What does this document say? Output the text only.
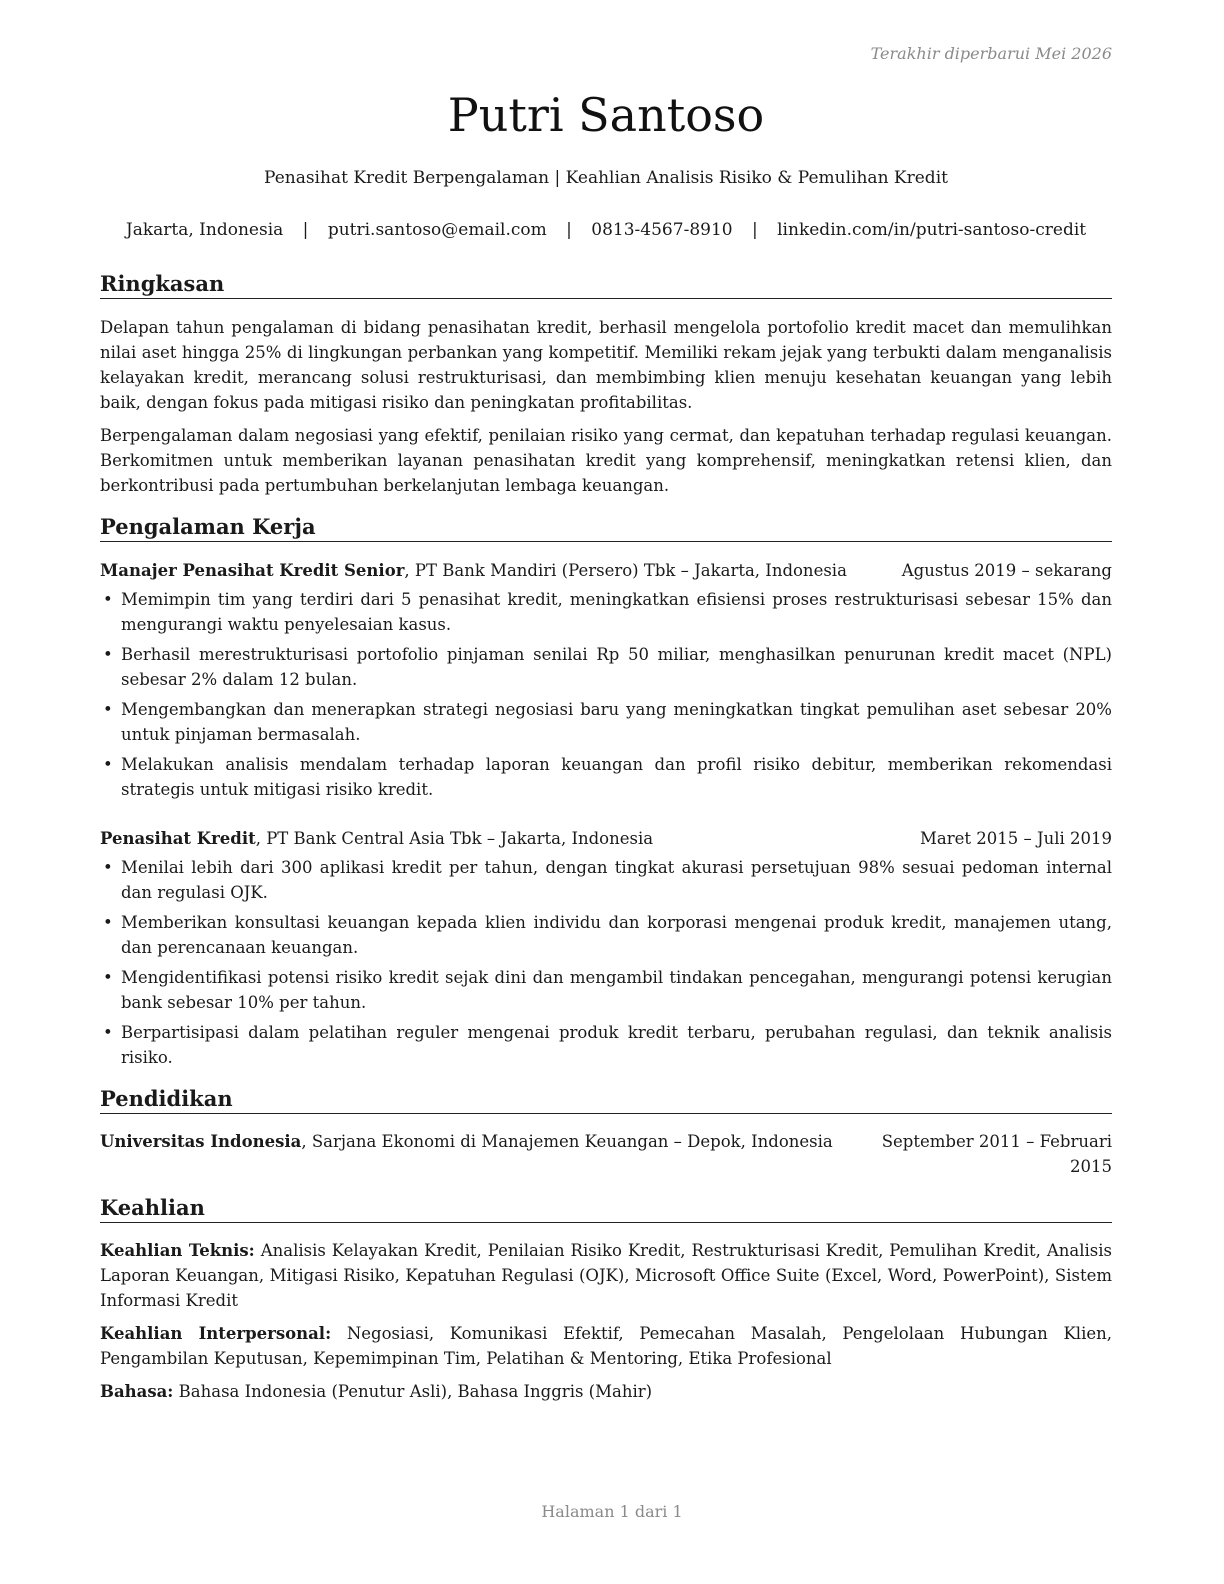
Terakhir diperbarui Mei 2026
Putri Santoso
Penasihat Kredit Berpengalaman | Keahlian Analisis Risiko & Pemulihan Kredit
Jakarta, Indonesia | putri.santoso@email.com | 0813-4567-8910 | linkedin.com/in/putri-santoso-credit
Ringkasan

Delapan tahun pengalaman di bidang penasihatan kredit, berhasil mengelola portofolio kredit macet dan memulihkan nilai aset hingga 25% di lingkungan perbankan yang kompetitif. Memiliki rekam jejak yang terbukti dalam menganalisis kelayakan kredit, merancang solusi restrukturisasi, dan membimbing klien menuju kesehatan keuangan yang lebih baik, dengan fokus pada mitigasi risiko dan peningkatan profitabilitas.

Berpengalaman dalam negosiasi yang efektif, penilaian risiko yang cermat, dan kepatuhan terhadap regulasi keuangan. Berkomitmen untuk memberikan layanan penasihatan kredit yang komprehensif, meningkatkan retensi klien, dan berkontribusi pada pertumbuhan berkelanjutan lembaga keuangan.

Pengalaman Kerja
Manajer Penasihat Kredit Senior, PT Bank Mandiri (Persero) Tbk – Jakarta, Indonesia	Agustus 2019 – sekarang
• Memimpin tim yang terdiri dari 5 penasihat kredit, meningkatkan efisiensi proses restrukturisasi sebesar 15% dan mengurangi waktu penyelesaian kasus.
• Berhasil merestrukturisasi portofolio pinjaman senilai Rp 50 miliar, menghasilkan penurunan kredit macet (NPL) sebesar 2% dalam 12 bulan.
• Mengembangkan dan menerapkan strategi negosiasi baru yang meningkatkan tingkat pemulihan aset sebesar 20% untuk pinjaman bermasalah.
• Melakukan analisis mendalam terhadap laporan keuangan dan profil risiko debitur, memberikan rekomendasi strategis untuk mitigasi risiko kredit.
Penasihat Kredit, PT Bank Central Asia Tbk – Jakarta, Indonesia	Maret 2015 – Juli 2019
• Menilai lebih dari 300 aplikasi kredit per tahun, dengan tingkat akurasi persetujuan 98% sesuai pedoman internal dan regulasi OJK.
• Memberikan konsultasi keuangan kepada klien individu dan korporasi mengenai produk kredit, manajemen utang, dan perencanaan keuangan.
• Mengidentifikasi potensi risiko kredit sejak dini dan mengambil tindakan pencegahan, mengurangi potensi kerugian bank sebesar 10% per tahun.
• Berpartisipasi dalam pelatihan reguler mengenai produk kredit terbaru, perubahan regulasi, dan teknik analisis risiko.
Pendidikan
Universitas Indonesia, Sarjana Ekonomi di Manajemen Keuangan – Depok, Indonesia	September 2011 – Februari 2015
Keahlian

Keahlian Teknis: Analisis Kelayakan Kredit, Penilaian Risiko Kredit, Restrukturisasi Kredit, Pemulihan Kredit, Analisis Laporan Keuangan, Mitigasi Risiko, Kepatuhan Regulasi (OJK), Microsoft Office Suite (Excel, Word, PowerPoint), Sistem Informasi Kredit

Keahlian Interpersonal: Negosiasi, Komunikasi Efektif, Pemecahan Masalah, Pengelolaan Hubungan Klien, Pengambilan Keputusan, Kepemimpinan Tim, Pelatihan & Mentoring, Etika Profesional

Bahasa: Bahasa Indonesia (Penutur Asli), Bahasa Inggris (Mahir)

Halaman 1 dari 1
